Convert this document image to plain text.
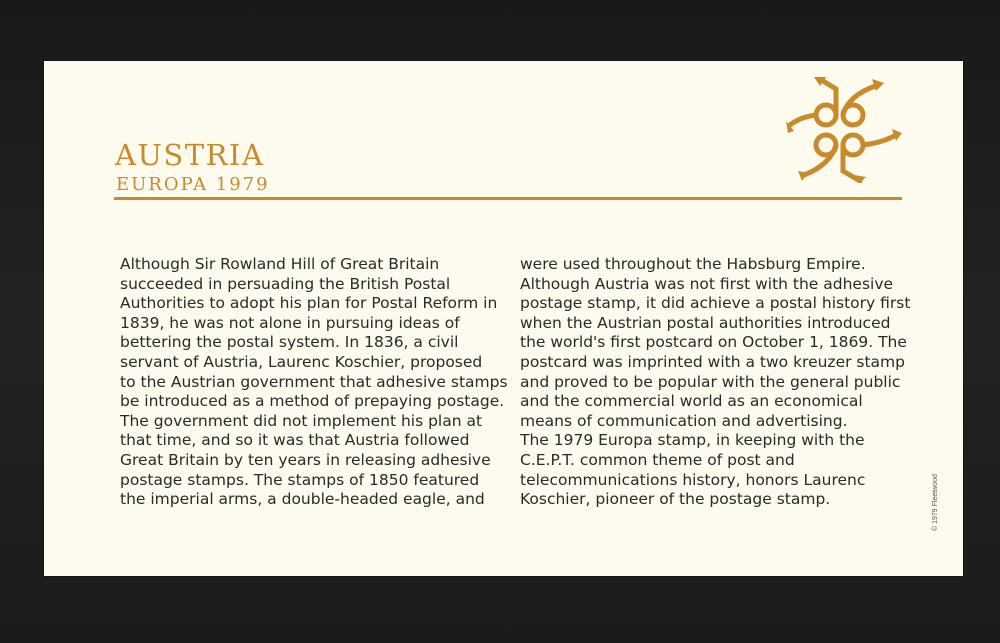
AUSTRIA
EUROPA 1979
Although Sir Rowland Hill of Great Britain
succeeded in persuading the British Postal
Authorities to adopt his plan for Postal Reform in
1839, he was not alone in pursuing ideas of
bettering the postal system. In 1836, a civil
servant of Austria, Laurenc Koschier, proposed
to the Austrian government that adhesive stamps
be introduced as a method of prepaying postage.
The government did not implement his plan at
that time, and so it was that Austria followed
Great Britain by ten years in releasing adhesive
postage stamps. The stamps of 1850 featured
the imperial arms, a double-headed eagle, and
were used throughout the Habsburg Empire.
Although Austria was not first with the adhesive
postage stamp, it did achieve a postal history first
when the Austrian postal authorities introduced
the world's first postcard on October 1, 1869. The
postcard was imprinted with a two kreuzer stamp
and proved to be popular with the general public
and the commercial world as an economical
means of communication and advertising.
The 1979 Europa stamp, in keeping with the
C.E.P.T. common theme of post and
telecommunications history, honors Laurenc
Koschier, pioneer of the postage stamp.	© 1979 Fleetwood
